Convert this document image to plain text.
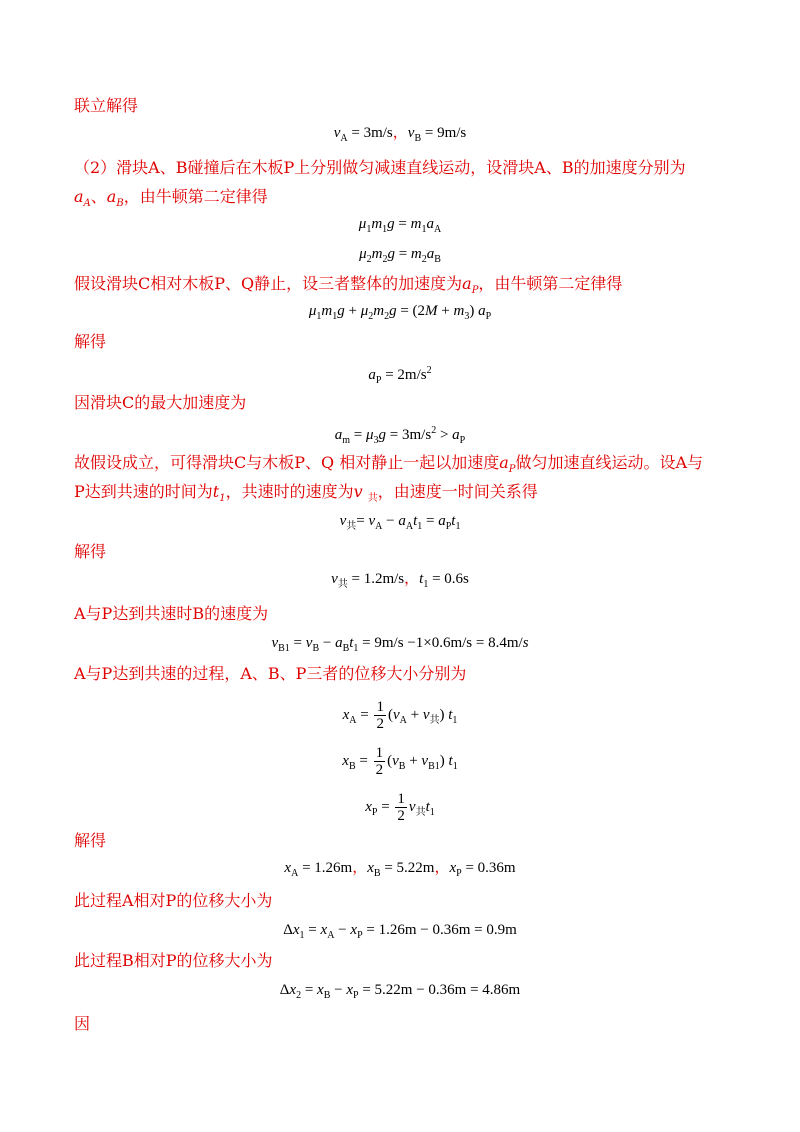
联立解得

$v_A = 3m/s$，$v_B = 9m/s$

（2）滑块A、B碰撞后在木板P上分别做匀减速直线运动，设滑块A、B的加速度分别为

$a_A$、$a_B$，由牛顿第二定律得

$\mu_1m_1g = m_1a_A$
$\mu_2m_2g = m_2a_B$

假设滑块C相对木板P、Q静止，设三者整体的加速度为$a_P$，由牛顿第二定律得

$\mu_1m_1g + \mu_2m_2g = (2M + m_3)$ $a_P$

解得

$a_P = 2m/s^2$

因滑块C的最大加速度为

$a_m = \mu_3g = 3m/s^2 > a_P$

故假设成立，可得滑块C与木板P、Q 相对静止一起以加速度$a_P$做匀加速直线运动。设A与

P达到共速的时间为$t_1$，共速时的速度为v $_共$，由速度一时间关系得

$v_共= v_A - a_At_1 = a_Pt_1$

解得

$v_共 = 1.2m/s$，$t_1 = 0.6s$

A与P达到共速时B的速度为

$v_{B1} = v_B - a_Bt_1 = 9m/s -1\times 0.6m/s = 8.4m/s$

A与P达到共速的过程，A、B、P三者的位移大小分别为

$x_A = \frac{1}{2} (v_A + v_共)$ $t_1$
$x_B = \frac{1}{2} (v_B + v_{B1})$ $t_1$
$x_P = \frac{1}{2} v_共t_1$

解得

$x_A = 1.26m$，$x_B = 5.22m$，$x_P = 0.36m$

此过程A相对P的位移大小为

$\Delta x_1 = x_A - x_P = 1.26m - 0.36m = 0.9m$

此过程B相对P的位移大小为

$\Delta x_2 = x_B - x_P = 5.22m - 0.36m = 4.86m$

因
